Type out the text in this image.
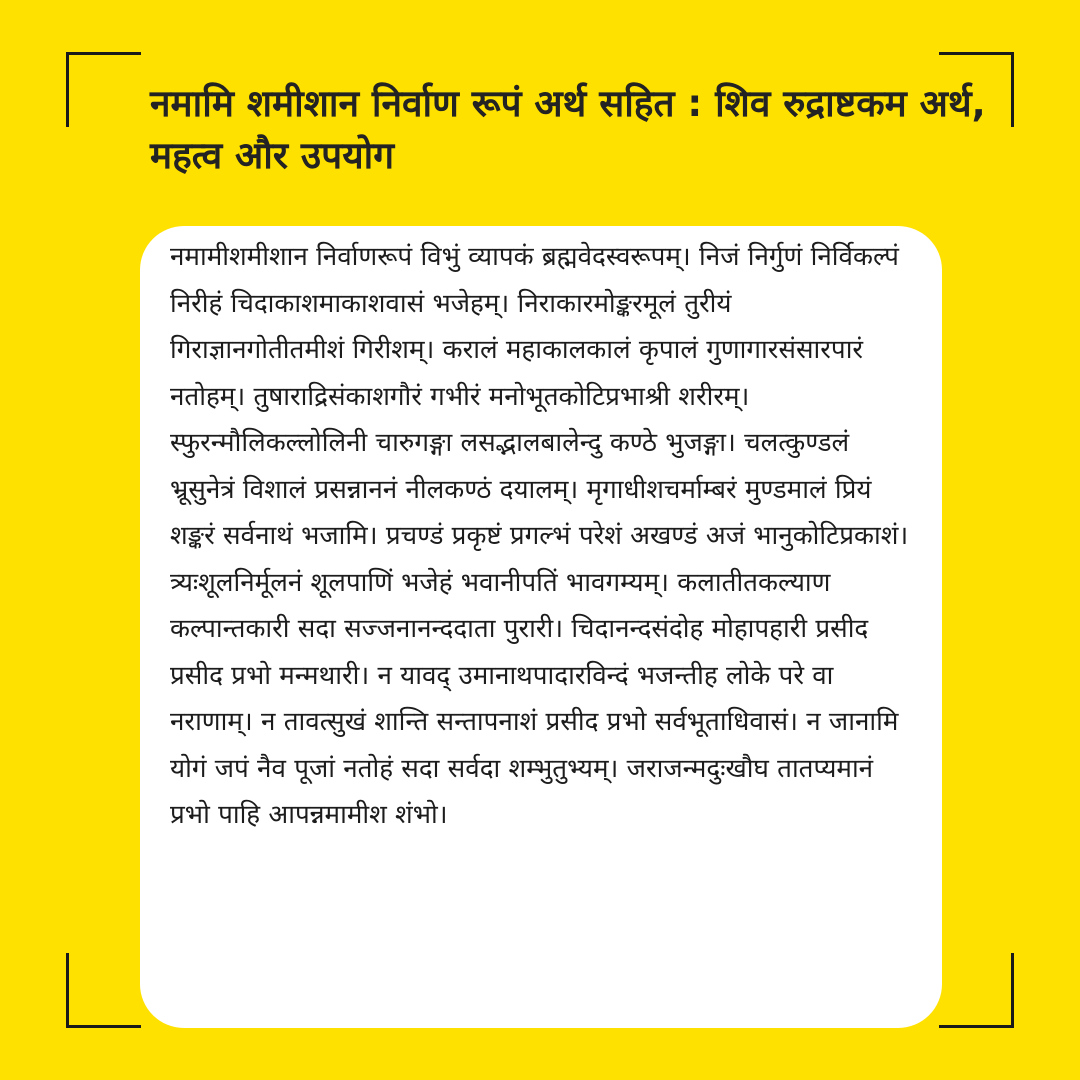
नमामि शमीशान निर्वाण रूपं अर्थ सहित : शिव रुद्राष्टकम अर्थ, महत्व और उपयोग

नमामीशमीशान निर्वाणरूपं विभुं व्यापकं ब्रह्मवेदस्वरूपम्। निजं निर्गुणं निर्विकल्पं निरीहं चिदाकाशमाकाशवासं भजेहम्। निराकारमोङ्करमूलं तुरीयं गिराज्ञानगोतीतमीशं गिरीशम्। करालं महाकालकालं कृपालं गुणागारसंसारपारं नतोहम्। तुषाराद्रिसंकाशगौरं गभीरं मनोभूतकोटिप्रभाश्री शरीरम्। स्फुरन्मौलिकल्लोलिनी चारुगङ्गा लसद्भालबालेन्दु कण्ठे भुजङ्गा। चलत्कुण्डलं भ्रूसुनेत्रं विशालं प्रसन्नाननं नीलकण्ठं दयालम्। मृगाधीशचर्माम्बरं मुण्डमालं प्रियं शङ्करं सर्वनाथं भजामि। प्रचण्डं प्रकृष्टं प्रगल्भं परेशं अखण्डं अजं भानुकोटिप्रकाशं। त्र्यःशूलनिर्मूलनं शूलपाणिं भजेहं भवानीपतिं भावगम्यम्। कलातीतकल्याण कल्पान्तकारी सदा सज्जनानन्ददाता पुरारी। चिदानन्दसंदोह मोहापहारी प्रसीद प्रसीद प्रभो मन्मथारी। न यावद् उमानाथपादारविन्दं भजन्तीह लोके परे वा नराणाम्। न तावत्सुखं शान्ति सन्तापनाशं प्रसीद प्रभो सर्वभूताधिवासं। न जानामि योगं जपं नैव पूजां नतोहं सदा सर्वदा शम्भुतुभ्यम्। जराजन्मदुःखौघ तातप्यमानं प्रभो पाहि आपन्नमामीश शंभो।
